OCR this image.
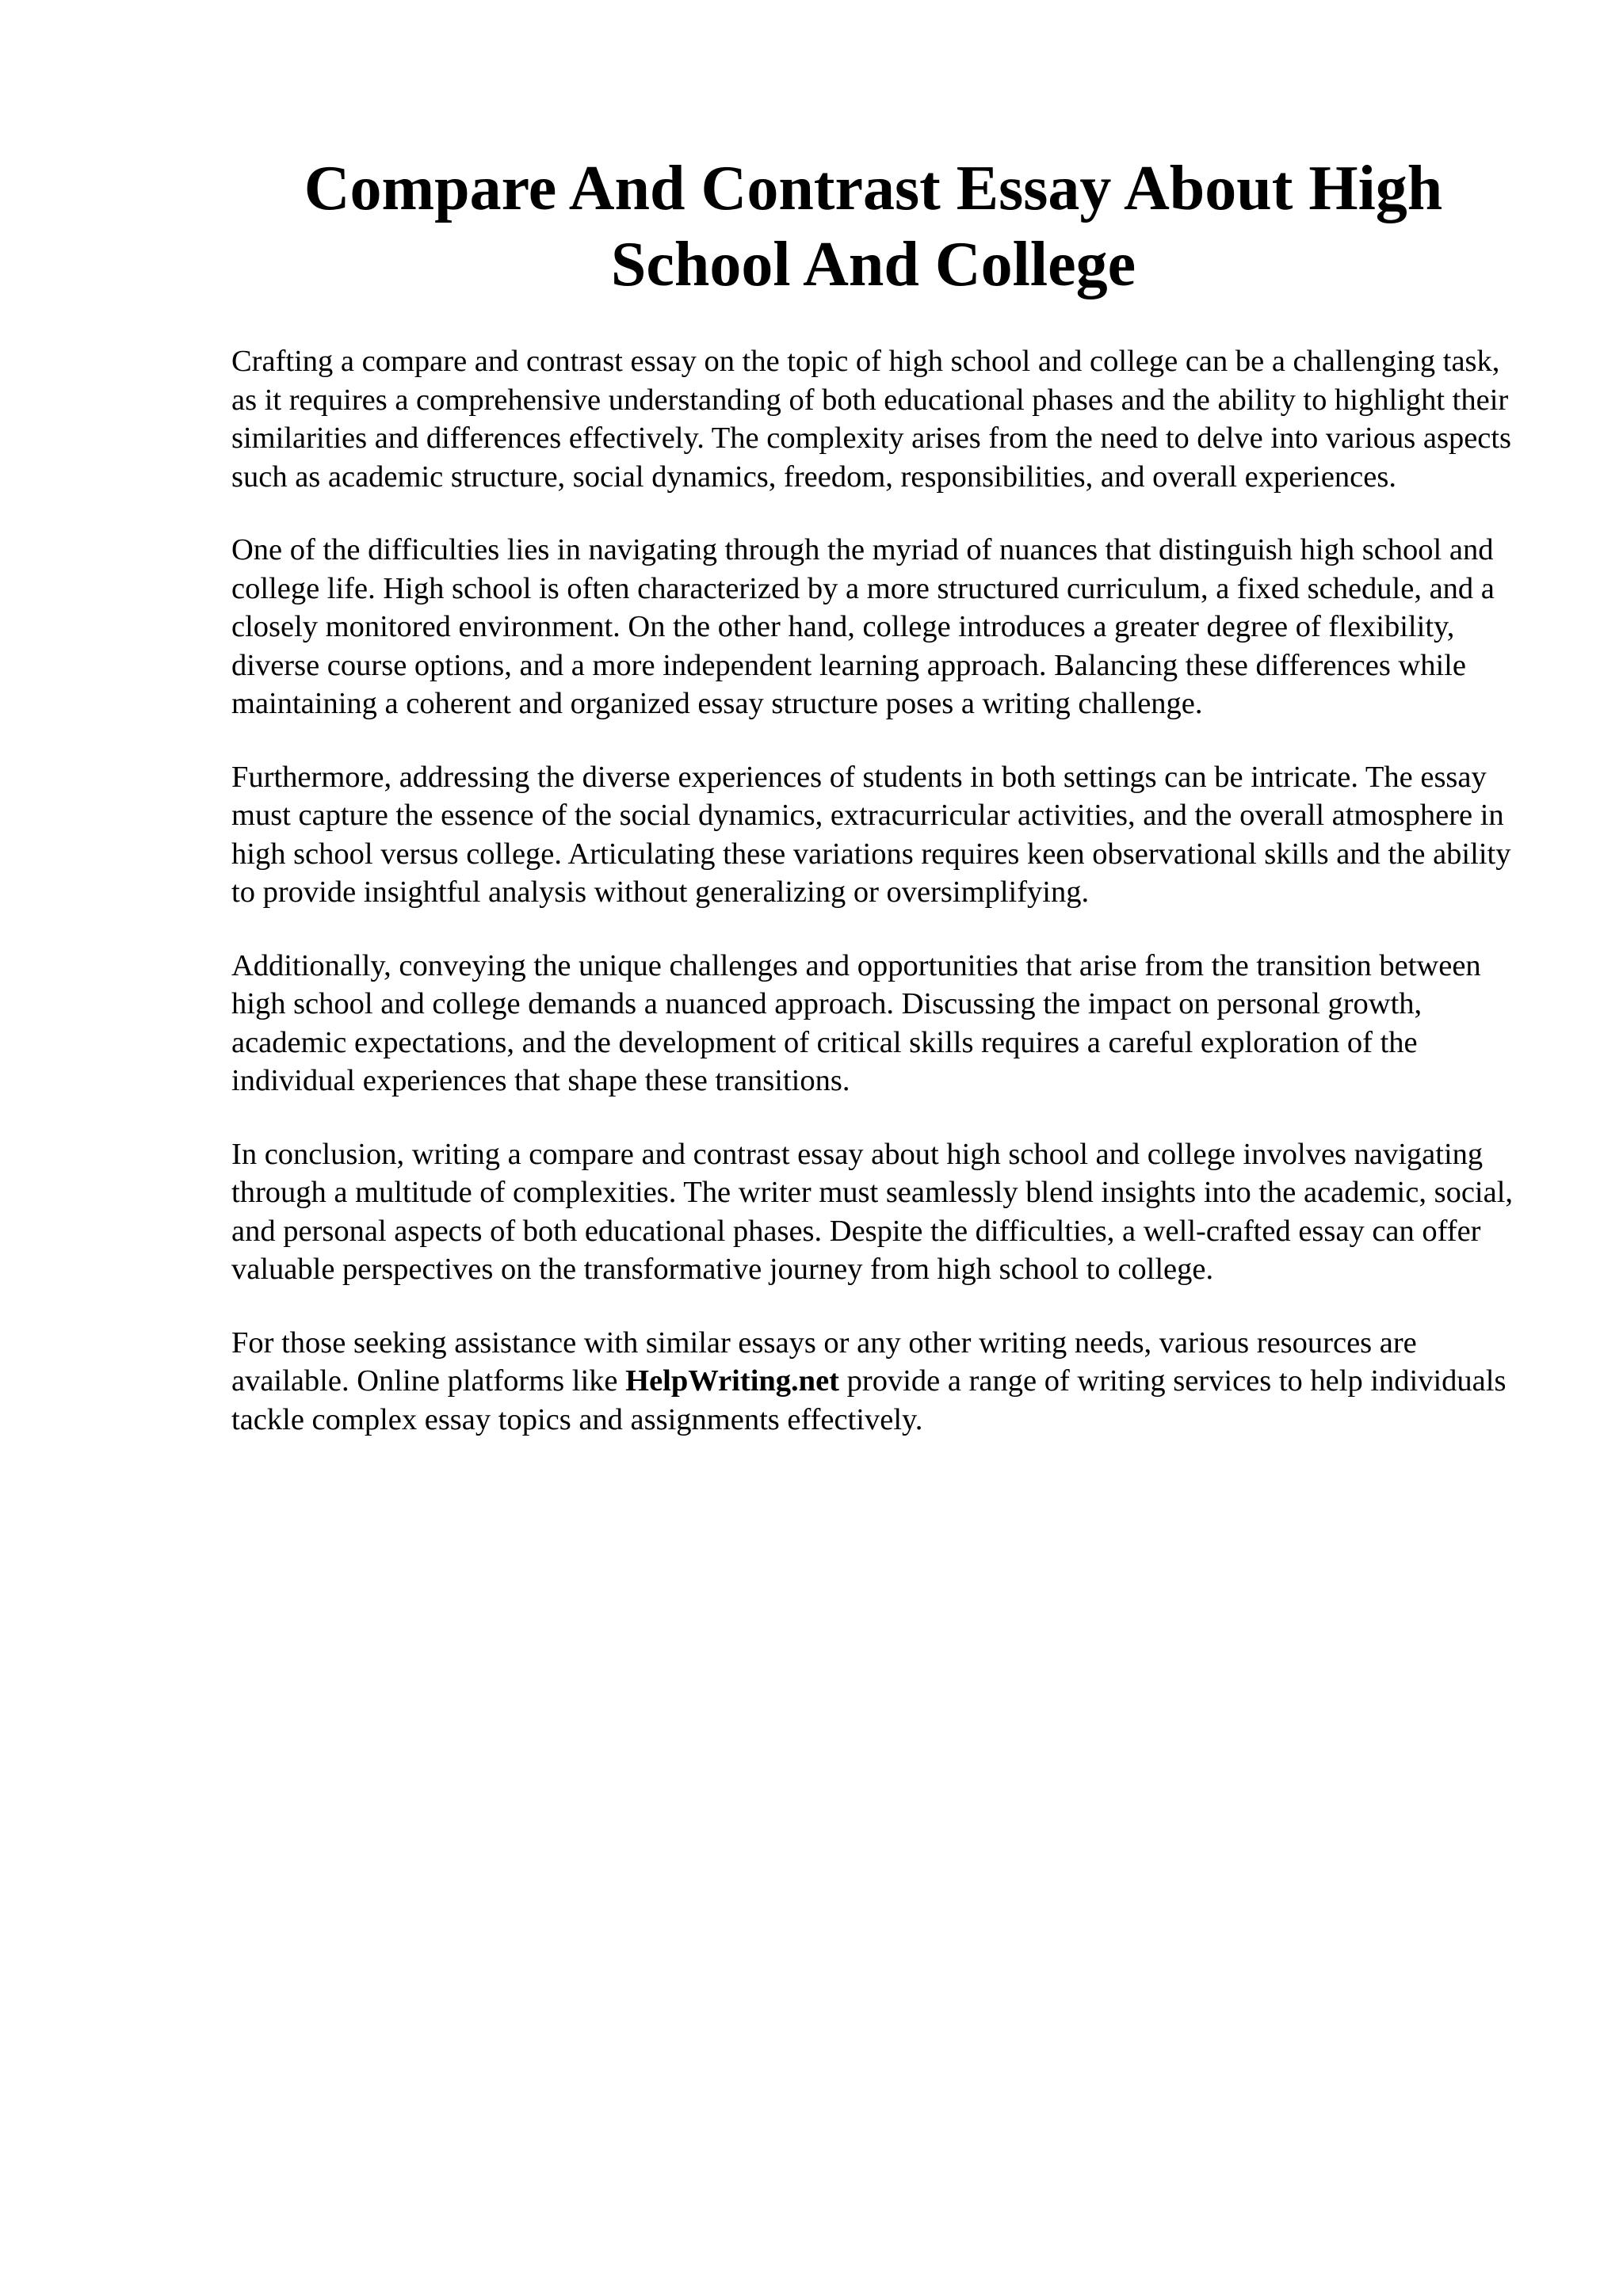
Compare And Contrast Essay About High
School And College

Crafting a compare and contrast essay on the topic of high school and college can be a challenging task, as it requires a comprehensive understanding of both educational phases and the ability to highlight their similarities and differences effectively. The complexity arises from the need to delve into various aspects such as academic structure, social dynamics, freedom, responsibilities, and overall experiences.

One of the difficulties lies in navigating through the myriad of nuances that distinguish high school and college life. High school is often characterized by a more structured curriculum, a fixed schedule, and a closely monitored environment. On the other hand, college introduces a greater degree of flexibility, diverse course options, and a more independent learning approach. Balancing these differences while maintaining a coherent and organized essay structure poses a writing challenge.

Furthermore, addressing the diverse experiences of students in both settings can be intricate. The essay must capture the essence of the social dynamics, extracurricular activities, and the overall atmosphere in high school versus college. Articulating these variations requires keen observational skills and the ability to provide insightful analysis without generalizing or oversimplifying.

Additionally, conveying the unique challenges and opportunities that arise from the transition between high school and college demands a nuanced approach. Discussing the impact on personal growth, academic expectations, and the development of critical skills requires a careful exploration of the individual experiences that shape these transitions.

In conclusion, writing a compare and contrast essay about high school and college involves navigating through a multitude of complexities. The writer must seamlessly blend insights into the academic, social, and personal aspects of both educational phases. Despite the difficulties, a well-crafted essay can offer valuable perspectives on the transformative journey from high school to college.

For those seeking assistance with similar essays or any other writing needs, various resources are available. Online platforms like HelpWriting.net provide a range of writing services to help individuals tackle complex essay topics and assignments effectively.
